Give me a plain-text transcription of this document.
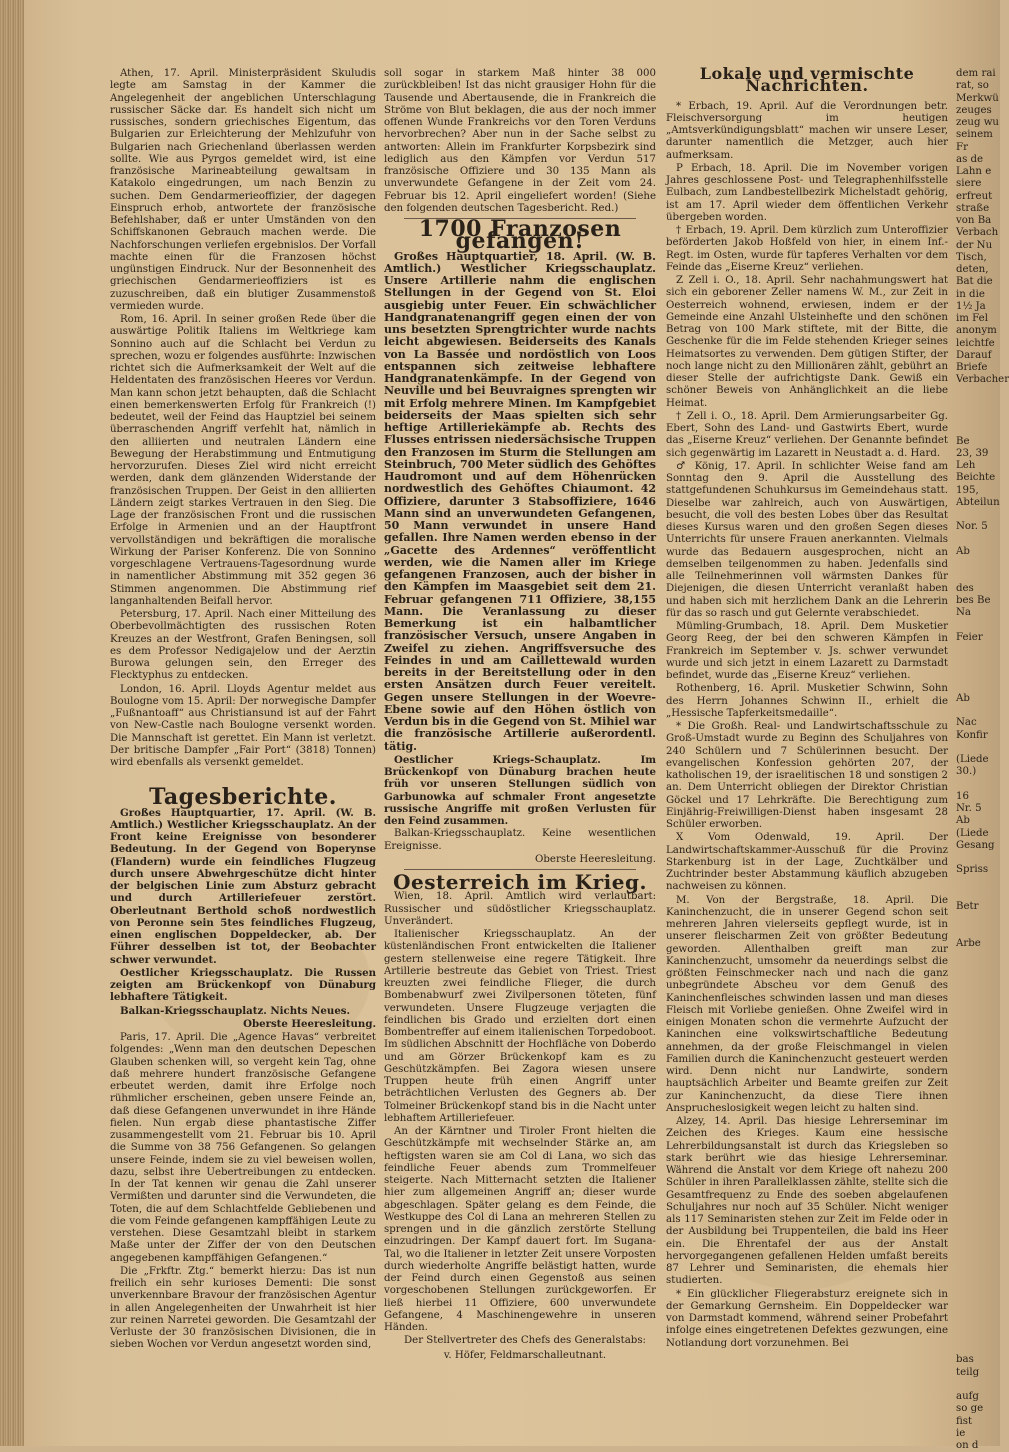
Athen, 17. April. Ministerpräsident Skuludis legte am Samstag in der Kammer die Angelegenheit der angeblichen Unterschlagung russischer Säcke dar. Es handelt sich nicht um russisches, sondern griechisches Eigentum, das Bulgarien zur Erleichterung der Mehlzufuhr von Bulgarien nach Griechenland überlassen werden sollte. Wie aus Pyrgos gemeldet wird, ist eine französische Marineabteilung gewaltsam in Katakolo eingedrungen, um nach Benzin zu suchen. Dem Gendarmerieoffizier, der dagegen Einspruch erhob, antwortete der französische Befehlshaber, daß er unter Umständen von den Schiffskanonen Gebrauch machen werde. Die Nachforschungen verliefen ergebnislos. Der Vorfall machte einen für die Franzosen höchst ungünstigen Eindruck. Nur der Besonnenheit des griechischen Gendarmerieoffiziers ist es zuzuschreiben, daß ein blutiger Zusammenstoß vermieden wurde.

Rom, 16. April. In seiner großen Rede über die auswärtige Politik Italiens im Weltkriege kam Sonnino auch auf die Schlacht bei Verdun zu sprechen, wozu er folgendes ausführte: Inzwischen richtet sich die Aufmerksamkeit der Welt auf die Heldentaten des französischen Heeres vor Verdun. Man kann schon jetzt behaupten, daß die Schlacht einen bemerkenswerten Erfolg für Frankreich (!) bedeutet, weil der Feind das Hauptziel bei seinem überraschenden Angriff verfehlt hat, nämlich in den alliierten und neutralen Ländern eine Bewegung der Herabstimmung und Entmutigung hervorzurufen. Dieses Ziel wird nicht erreicht werden, dank dem glänzenden Widerstande der französischen Truppen. Der Geist in den alliierten Ländern zeigt starkes Vertrauen in den Sieg. Die Lage der französischen Front und die russischen Erfolge in Armenien und an der Hauptfront vervollständigen und bekräftigen die moralische Wirkung der Pariser Konferenz. Die von Sonnino vorgeschlagene Vertrauens-Tagesordnung wurde in namentlicher Abstimmung mit 352 gegen 36 Stimmen angenommen. Die Abstimmung rief langanhaltenden Beifall hervor.

Petersburg, 17. April. Nach einer Mitteilung des Oberbevollmächtigten des russischen Roten Kreuzes an der Westfront, Grafen Beningsen, soll es dem Professor Nedigajelow und der Aerztin Burowa gelungen sein, den Erreger des Flecktyphus zu entdecken.

London, 16. April. Lloyds Agentur meldet aus Boulogne vom 15. April: Der norwegische Dampfer „Fußnantoaff“ aus Christiansund ist auf der Fahrt von New-Castle nach Boulogne versenkt worden. Die Mannschaft ist gerettet. Ein Mann ist verletzt. Der britische Dampfer „Fair Port“ (3818) Tonnen) wird ebenfalls als versenkt gemeldet.

Tagesberichte.

Großes Hauptquartier, 17. April. (W. B. Amtlich.) Westlicher Kriegsschauplatz. An der Front keine Ereignisse von besonderer Bedeutung. In der Gegend von Boperynse (Flandern) wurde ein feindliches Flugzeug durch unsere Abwehrgeschütze dicht hinter der belgischen Linie zum Absturz gebracht und durch Artilleriefeuer zerstört. Oberleutnant Berthold schoß nordwestlich von Peronne sein 5tes feindliches Flugzeug, einen englischen Doppeldecker, ab. Der Führer desselben ist tot, der Beobachter schwer verwundet.

Oestlicher Kriegsschauplatz. Die Russen zeigten am Brückenkopf von Dünaburg lebhaftere Tätigkeit.

Balkan-Kriegsschauplatz. Nichts Neues.

Oberste Heeresleitung.

Paris, 17. April. Die „Agence Havas“ verbreitet folgendes: „Wenn man den deutschen Depeschen Glauben schenken will, so vergeht kein Tag, ohne daß mehrere hundert französische Gefangene erbeutet werden, damit ihre Erfolge noch rühmlicher erscheinen, geben unsere Feinde an, daß diese Gefangenen unverwundet in ihre Hände fielen. Nun ergab diese phantastische Ziffer zusammengestellt vom 21. Februar bis 10. April die Summe von 38 756 Gefangenen. So gelangen unsere Feinde, indem sie zu viel beweisen wollen, dazu, selbst ihre Uebertreibungen zu entdecken. In der Tat kennen wir genau die Zahl unserer Vermißten und darunter sind die Verwundeten, die Toten, die auf dem Schlachtfelde Gebliebenen und die vom Feinde gefangenen kampffähigen Leute zu verstehen. Diese Gesamtzahl bleibt in starkem Maße unter der Ziffer der von den Deutschen angegebenen kampffähigen Gefangenen.“

Die „Frkftr. Ztg.“ bemerkt hierzu: Das ist nun freilich ein sehr kurioses Dementi: Die sonst unverkennbare Bravour der französischen Agentur in allen Angelegenheiten der Unwahrheit ist hier zur reinen Narretei geworden. Die Gesamtzahl der Verluste der 30 französischen Divisionen, die in sieben Wochen vor Verdun angesetzt worden sind,

soll sogar in starkem Maß hinter 38 000 zurückbleiben! Ist das nicht grausiger Hohn für die Tausende und Abertausende, die in Frankreich die Ströme von Blut beklagen, die aus der noch immer offenen Wunde Frankreichs vor den Toren Verduns hervorbrechen? Aber nun in der Sache selbst zu antworten: Allein im Frankfurter Korpsbezirk sind lediglich aus den Kämpfen vor Verdun 517 französische Offiziere und 30 135 Mann als unverwundete Gefangene in der Zeit vom 24. Februar bis 12. April eingeliefert worden! (Siehe den folgenden deutschen Tagesbericht. Red.)

1700 Franzosen gefangen!

Großes Hauptquartier, 18. April. (W. B. Amtlich.) Westlicher Kriegsschauplatz. Unsere Artillerie nahm die englischen Stellungen in der Gegend von St. Eloi ausgiebig unter Feuer. Ein schwächlicher Handgranatenangriff gegen einen der von uns besetzten Sprengtrichter wurde nachts leicht abgewiesen. Beiderseits des Kanals von La Bassée und nordöstlich von Loos entspannen sich zeitweise lebhaftere Handgranatenkämpfe. In der Gegend von Neuville und bei Beuvraignes sprengten wir mit Erfolg mehrere Minen. Im Kampfgebiet beiderseits der Maas spielten sich sehr heftige Artilleriekämpfe ab. Rechts des Flusses entrissen niedersächsische Truppen den Franzosen im Sturm die Stellungen am Steinbruch, 700 Meter südlich des Gehöftes Haudromont und auf dem Höhenrücken nordwestlich des Gehöftes Chiaumont. 42 Offiziere, darunter 3 Stabsoffiziere, 1646 Mann sind an unverwundeten Gefangenen, 50 Mann verwundet in unsere Hand gefallen. Ihre Namen werden ebenso in der „Gacette des Ardennes“ veröffentlicht werden, wie die Namen aller im Kriege gefangenen Franzosen, auch der bisher in den Kämpfen im Maasgebiet seit dem 21. Februar gefangenen 711 Offiziere, 38,155 Mann. Die Veranlassung zu dieser Bemerkung ist ein halbamtlicher französischer Versuch, unsere Angaben in Zweifel zu ziehen. Angriffsversuche des Feindes in und am Caillettewald wurden bereits in der Bereitstellung oder in den ersten Ansätzen durch Feuer vereitelt. Gegen unsere Stellungen in der Woevre-Ebene sowie auf den Höhen östlich von Verdun bis in die Gegend von St. Mihiel war die französische Artillerie außerordentl. tätig.

Oestlicher Kriegs-Schauplatz. Im Brückenkopf von Dünaburg brachen heute früh vor unseren Stellungen südlich von Garbunowka auf schmaler Front angesetzte russische Angriffe mit großen Verlusten für den Feind zusammen.

Balkan-Kriegsschauplatz. Keine wesentlichen Ereignisse.

Oberste Heeresleitung.

Oesterreich im Krieg.

Wien, 18. April. Amtlich wird verlautbart: Russischer und südöstlicher Kriegsschauplatz. Unverändert.

Italienischer Kriegsschauplatz. An der küstenländischen Front entwickelten die Italiener gestern stellenweise eine regere Tätigkeit. Ihre Artillerie bestreute das Gebiet von Triest. Triest kreuzten zwei feindliche Flieger, die durch Bombenabwurf zwei Zivilpersonen töteten, fünf verwundeten. Unsere Flugzeuge verjagten die feindlichen bis Grado und erzielten dort einen Bombentreffer auf einem italienischen Torpedoboot. Im südlichen Abschnitt der Hochfläche von Doberdo und am Görzer Brückenkopf kam es zu Geschützkämpfen. Bei Zagora wiesen unsere Truppen heute früh einen Angriff unter beträchtlichen Verlusten des Gegners ab. Der Tolmeiner Brückenkopf stand bis in die Nacht unter lebhaftem Artilleriefeuer.

An der Kärntner und Tiroler Front hielten die Geschützkämpfe mit wechselnder Stärke an, am heftigsten waren sie am Col di Lana, wo sich das feindliche Feuer abends zum Trommelfeuer steigerte. Nach Mitternacht setzten die Italiener hier zum allgemeinen Angriff an; dieser wurde abgeschlagen. Später gelang es dem Feinde, die Westkuppe des Col di Lana an mehreren Stellen zu sprengen und in die gänzlich zerstörte Stellung einzudringen. Der Kampf dauert fort. Im Sugana-Tal, wo die Italiener in letzter Zeit unsere Vorposten durch wiederholte Angriffe belästigt hatten, wurde der Feind durch einen Gegenstoß aus seinen vorgeschobenen Stellungen zurückgeworfen. Er ließ hierbei 11 Offiziere, 600 unverwundete Gefangene, 4 Maschinengewehre in unseren Händen.

Der Stellvertreter des Chefs des Generalstabs:

v. Höfer, Feldmarschalleutnant.

Lokale und vermischte Nachrichten.

* Erbach, 19. April. Auf die Verordnungen betr. Fleischversorgung im heutigen „Amtsverkündigungsblatt“ machen wir unsere Leser, darunter namentlich die Metzger, auch hier aufmerksam.

P Erbach, 18. April. Die im November vorigen Jahres geschlossene Post- und Telegraphenhilfsstelle Eulbach, zum Landbestellbezirk Michelstadt gehörig, ist am 17. April wieder dem öffentlichen Verkehr übergeben worden.

† Erbach, 19. April. Dem kürzlich zum Unteroffizier beförderten Jakob Hoßfeld von hier, in einem Inf.-Regt. im Osten, wurde für tapferes Verhalten vor dem Feinde das „Eiserne Kreuz“ verliehen.

Z Zell i. O., 18. April. Sehr nachahmungswert hat sich ein geborener Zeller namens W. M., zur Zeit in Oesterreich wohnend, erwiesen, indem er der Gemeinde eine Anzahl Ulsteinhefte und den schönen Betrag von 100 Mark stiftete, mit der Bitte, die Geschenke für die im Felde stehenden Krieger seines Heimatsortes zu verwenden. Dem gütigen Stifter, der noch lange nicht zu den Millionären zählt, gebührt an dieser Stelle der aufrichtigste Dank. Gewiß ein schöner Beweis von Anhänglichkeit an die liebe Heimat.

† Zell i. O., 18. April. Dem Armierungsarbeiter Gg. Ebert, Sohn des Land- und Gastwirts Ebert, wurde das „Eiserne Kreuz“ verliehen. Der Genannte befindet sich gegenwärtig im Lazarett in Neustadt a. d. Hard.

♂ König, 17. April. In schlichter Weise fand am Sonntag den 9. April die Ausstellung des stattgefundenen Schuhkursus im Gemeindehaus statt. Dieselbe war zahlreich, auch von Auswärtigen, besucht, die voll des besten Lobes über das Resultat dieses Kursus waren und den großen Segen dieses Unterrichts für unsere Frauen anerkannten. Vielmals wurde das Bedauern ausgesprochen, nicht an demselben teilgenommen zu haben. Jedenfalls sind alle Teilnehmerinnen voll wärmsten Dankes für Diejenigen, die diesen Unterricht veranlaßt haben und haben sich mit herzlichem Dank an die Lehrerin für das so rasch und gut Gelernte verabschiedet.

Mümling-Grumbach, 18. April. Dem Musketier Georg Reeg, der bei den schweren Kämpfen in Frankreich im September v. Js. schwer verwundet wurde und sich jetzt in einem Lazarett zu Darmstadt befindet, wurde das „Eiserne Kreuz“ verliehen.

Rothenberg, 16. April. Musketier Schwinn, Sohn des Herrn Johannes Schwinn II., erhielt die „Hessische Tapferkeitsmedaille“.

* Die Großh. Real- und Landwirtschaftsschule zu Groß-Umstadt wurde zu Beginn des Schuljahres von 240 Schülern und 7 Schülerinnen besucht. Der evangelischen Konfession gehörten 207, der katholischen 19, der israelitischen 18 und sonstigen 2 an. Dem Unterricht obliegen der Direktor Christian Göckel und 17 Lehrkräfte. Die Berechtigung zum Einjährig-Freiwilligen-Dienst haben insgesamt 28 Schüler erworben.

X Vom Odenwald, 19. April. Der Landwirtschaftskammer-Ausschuß für die Provinz Starkenburg ist in der Lage, Zuchtkälber und Zuchtrinder bester Abstammung käuflich abzugeben nachweisen zu können.

M. Von der Bergstraße, 18. April. Die Kaninchenzucht, die in unserer Gegend schon seit mehreren Jahren vielerseits gepflegt wurde, ist in unserer fleischarmen Zeit von größter Bedeutung geworden. Allenthalben greift man zur Kaninchenzucht, umsomehr da neuerdings selbst die größten Feinschmecker nach und nach die ganz unbegründete Abscheu vor dem Genuß des Kaninchenfleisches schwinden lassen und man dieses Fleisch mit Vorliebe genießen. Ohne Zweifel wird in einigen Monaten schon die vermehrte Aufzucht der Kaninchen eine volkswirtschaftliche Bedeutung annehmen, da der große Fleischmangel in vielen Familien durch die Kaninchenzucht gesteuert werden wird. Denn nicht nur Landwirte, sondern hauptsächlich Arbeiter und Beamte greifen zur Zeit zur Kaninchenzucht, da diese Tiere ihnen Ansprucheslosigkeit wegen leicht zu halten sind.

Alzey, 14. April. Das hiesige Lehrerseminar im Zeichen des Krieges. Kaum eine hessische Lehrerbildungsanstalt ist durch das Kriegsleben so stark berührt wie das hiesige Lehrerseminar. Während die Anstalt vor dem Kriege oft nahezu 200 Schüler in ihren Parallelklassen zählte, stellte sich die Gesamtfrequenz zu Ende des soeben abgelaufenen Schuljahres nur noch auf 35 Schüler. Nicht weniger als 117 Seminaristen stehen zur Zeit im Felde oder in der Ausbildung bei Truppenteilen, die bald ins Heer ein. Die Ehrentafel der aus der Anstalt hervorgegangenen gefallenen Helden umfaßt bereits 87 Lehrer und Seminaristen, die ehemals hier studierten.

* Ein glücklicher Fliegerabsturz ereignete sich in der Gemarkung Gernsheim. Ein Doppeldecker war von Darmstadt kommend, während seiner Probefahrt infolge eines eingetretenen Defektes gezwungen, eine Notlandung dort vorzunehmen. Bei

dem rai
rat, so
Merkwü
zeuges
zeug wu
seinem
Fr
as de
Lahn e
siere
erfreut
straße
von Ba
Verbach
der Nu
Tisch,
deten,
Bat die
in die
1½ Ja
im Fel
anonym
leichtfe
Darauf
Briefe
Verbacher

Be
23, 39
Leh
Beichte
195,
Abteilun

Nor. 5

Ab

des
bes Be
Na

Feier

Ab

Nac
Konfir

(Liede
30.)

16
Nr. 5
Ab
(Liede
Gesang

Spriss

Betr

Arbe

bas
teilg

aufg
so ge
fist
ie
on d
